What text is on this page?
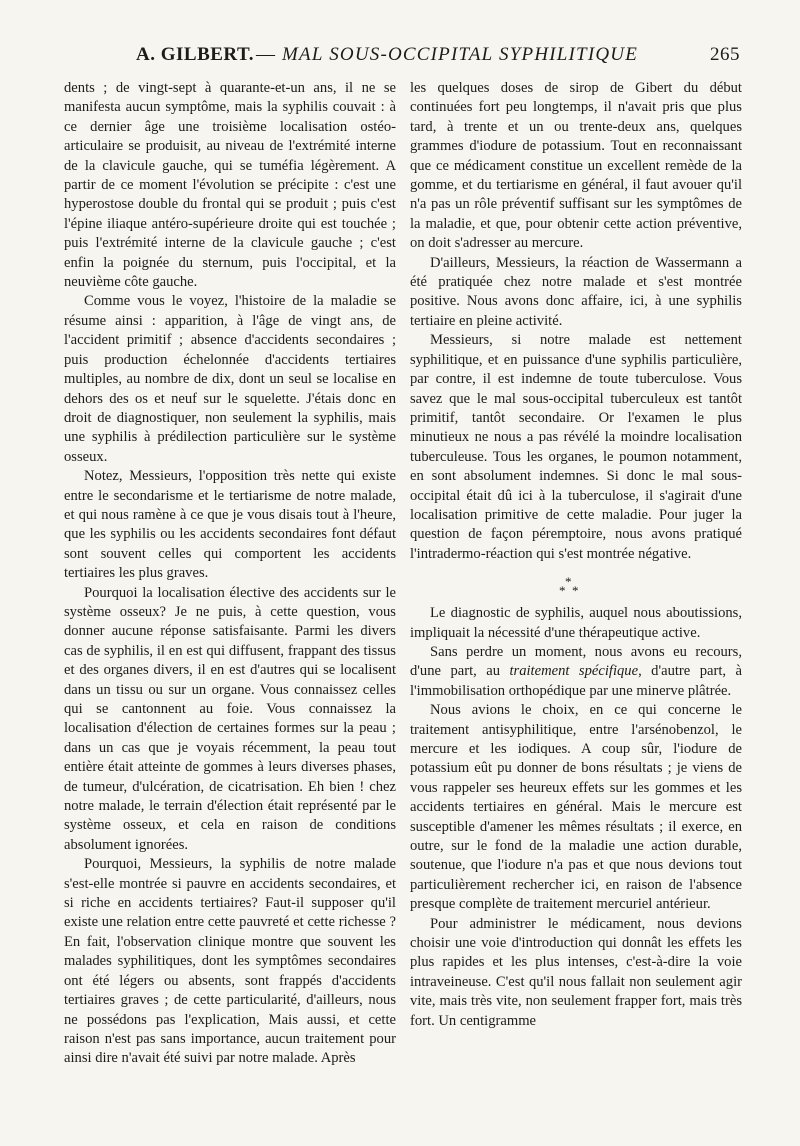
A. GILBERT. — MAL SOUS-OCCIPITAL SYPHILITIQUE	265

dents ; de vingt-sept à quarante-et-un ans, il ne se manifesta aucun symptôme, mais la syphilis couvait : à ce dernier âge une troisième localisation ostéo-articulaire se produisit, au niveau de l'extrémité interne de la clavicule gauche, qui se tuméfia légèrement. A partir de ce moment l'évolution se précipite : c'est une hyperostose double du frontal qui se produit ; puis c'est l'épine iliaque antéro-supérieure droite qui est touchée ; puis l'extrémité interne de la clavicule gauche ; c'est enfin la poignée du sternum, puis l'occipital, et la neuvième côte gauche.

Comme vous le voyez, l'histoire de la maladie se résume ainsi : apparition, à l'âge de vingt ans, de l'accident primitif ; absence d'accidents secondaires ; puis production échelonnée d'accidents tertiaires multiples, au nombre de dix, dont un seul se localise en dehors des os et neuf sur le squelette. J'étais donc en droit de diagnostiquer, non seulement la syphilis, mais une syphilis à prédilection particulière sur le système osseux.

Notez, Messieurs, l'opposition très nette qui existe entre le secondarisme et le tertiarisme de notre malade, et qui nous ramène à ce que je vous disais tout à l'heure, que les syphilis ou les accidents secondaires font défaut sont souvent celles qui comportent les accidents tertiaires les plus graves.

Pourquoi la localisation élective des accidents sur le système osseux? Je ne puis, à cette question, vous donner aucune réponse satisfaisante. Parmi les divers cas de syphilis, il en est qui diffusent, frappant des tissus et des organes divers, il en est d'autres qui se localisent dans un tissu ou sur un organe. Vous connaissez celles qui se cantonnent au foie. Vous connaissez la localisation d'élection de certaines formes sur la peau ; dans un cas que je voyais récemment, la peau tout entière était atteinte de gommes à leurs diverses phases, de tumeur, d'ulcération, de cicatrisation. Eh bien ! chez notre malade, le terrain d'élection était représenté par le système osseux, et cela en raison de conditions absolument ignorées.

Pourquoi, Messieurs, la syphilis de notre malade s'est-elle montrée si pauvre en accidents secondaires, et si riche en accidents tertiaires? Faut-il supposer qu'il existe une relation entre cette pauvreté et cette richesse ? En fait, l'observation clinique montre que souvent les malades syphilitiques, dont les symptômes secondaires ont été légers ou absents, sont frappés d'accidents tertiaires graves ; de cette particularité, d'ailleurs, nous ne possédons pas l'explication, Mais aussi, et cette raison n'est pas sans importance, aucun traitement pour ainsi dire n'avait été suivi par notre malade. Après

les quelques doses de sirop de Gibert du début continuées fort peu longtemps, il n'avait pris que plus tard, à trente et un ou trente-deux ans, quelques grammes d'iodure de potassium. Tout en reconnaissant que ce médicament constitue un excellent remède de la gomme, et du tertiarisme en général, il faut avouer qu'il n'a pas un rôle préventif suffisant sur les symptômes de la maladie, et que, pour obtenir cette action préventive, on doit s'adresser au mercure.

D'ailleurs, Messieurs, la réaction de Wassermann a été pratiquée chez notre malade et s'est montrée positive. Nous avons donc affaire, ici, à une syphilis tertiaire en pleine activité.

Messieurs, si notre malade est nettement syphilitique, et en puissance d'une syphilis particulière, par contre, il est indemne de toute tuberculose. Vous savez que le mal sous-occipital tuberculeux est tantôt primitif, tantôt secondaire. Or l'examen le plus minutieux ne nous a pas révélé la moindre localisation tuberculeuse. Tous les organes, le poumon notamment, en sont absolument indemnes. Si donc le mal sous-occipital était dû ici à la tuberculose, il s'agirait d'une localisation primitive de cette maladie. Pour juger la question de façon péremptoire, nous avons pratiqué l'intradermo-réaction qui s'est montrée négative.

*
* *

Le diagnostic de syphilis, auquel nous aboutissions, impliquait la nécessité d'une thérapeutique active.

Sans perdre un moment, nous avons eu recours, d'une part, au traitement spécifique, d'autre part, à l'immobilisation orthopédique par une minerve plâtrée.

Nous avions le choix, en ce qui concerne le traitement antisyphilitique, entre l'arsénobenzol, le mercure et les iodiques. A coup sûr, l'iodure de potassium eût pu donner de bons résultats ; je viens de vous rappeler ses heureux effets sur les gommes et les accidents tertiaires en général. Mais le mercure est susceptible d'amener les mêmes résultats ; il exerce, en outre, sur le fond de la maladie une action durable, soutenue, que l'iodure n'a pas et que nous devions tout particulièrement rechercher ici, en raison de l'absence presque complète de traitement mercuriel antérieur.

Pour administrer le médicament, nous devions choisir une voie d'introduction qui donnât les effets les plus rapides et les plus intenses, c'est-à-dire la voie intraveineuse. C'est qu'il nous fallait non seulement agir vite, mais très vite, non seulement frapper fort, mais très fort. Un centigramme
